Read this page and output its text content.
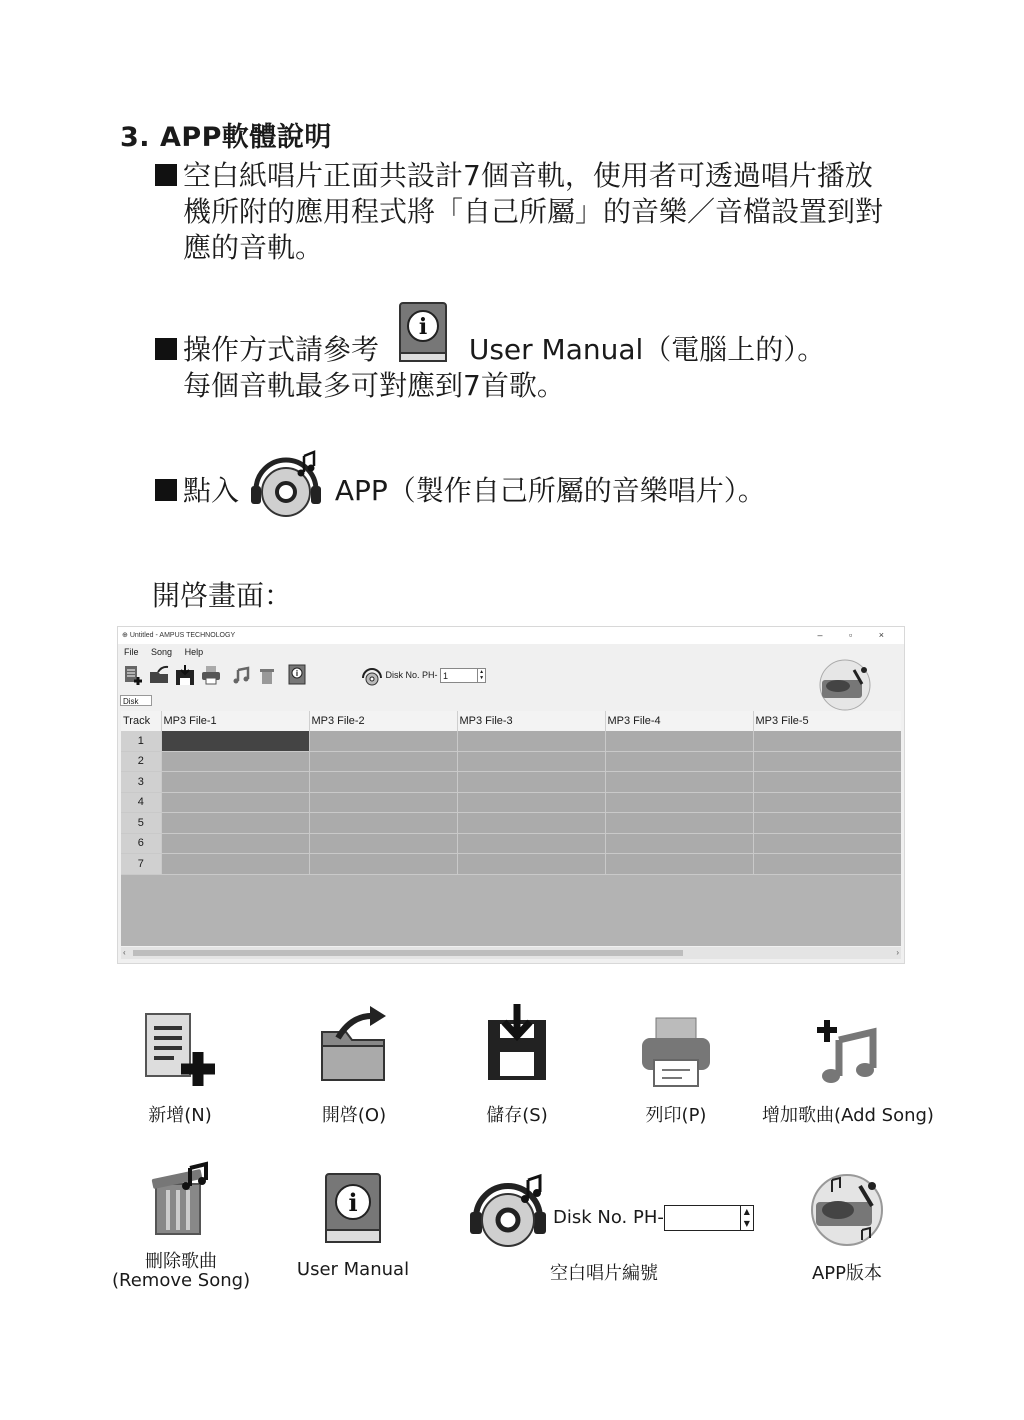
3. APP軟體說明
空白紙唱片正面共設計7個音軌，使用者可透過唱片播放
機所附的應用程式將「自己所屬」的音樂／音檔設置到對
應的音軌。
操作方式請參考
i
User Manual（電腦上的）。
每個音軌最多可對應到7首歌。
點入	APP（製作自己所屬的音樂唱片）。
開啓畫面：
⊕ Untitled - AMPUS TECHNOLOGY	– ▫ ×
File Song Help
i	Disk No. PH- 1	▲
▼
Disk
Track	MP3 File-1	MP3 File-2	MP3 File-3	MP3 File-4	MP3 File-5
1					
2					
3					
4					
5					
6					
7					
‹	›
新增(N)	開啓(O)	儲存(S)	列印(P)	增加歌曲(Add Song)
刪除歌曲
(Remove Song)
i
User Manual
Disk No. PH-	▲
▼
空白唱片編號	APP版本
